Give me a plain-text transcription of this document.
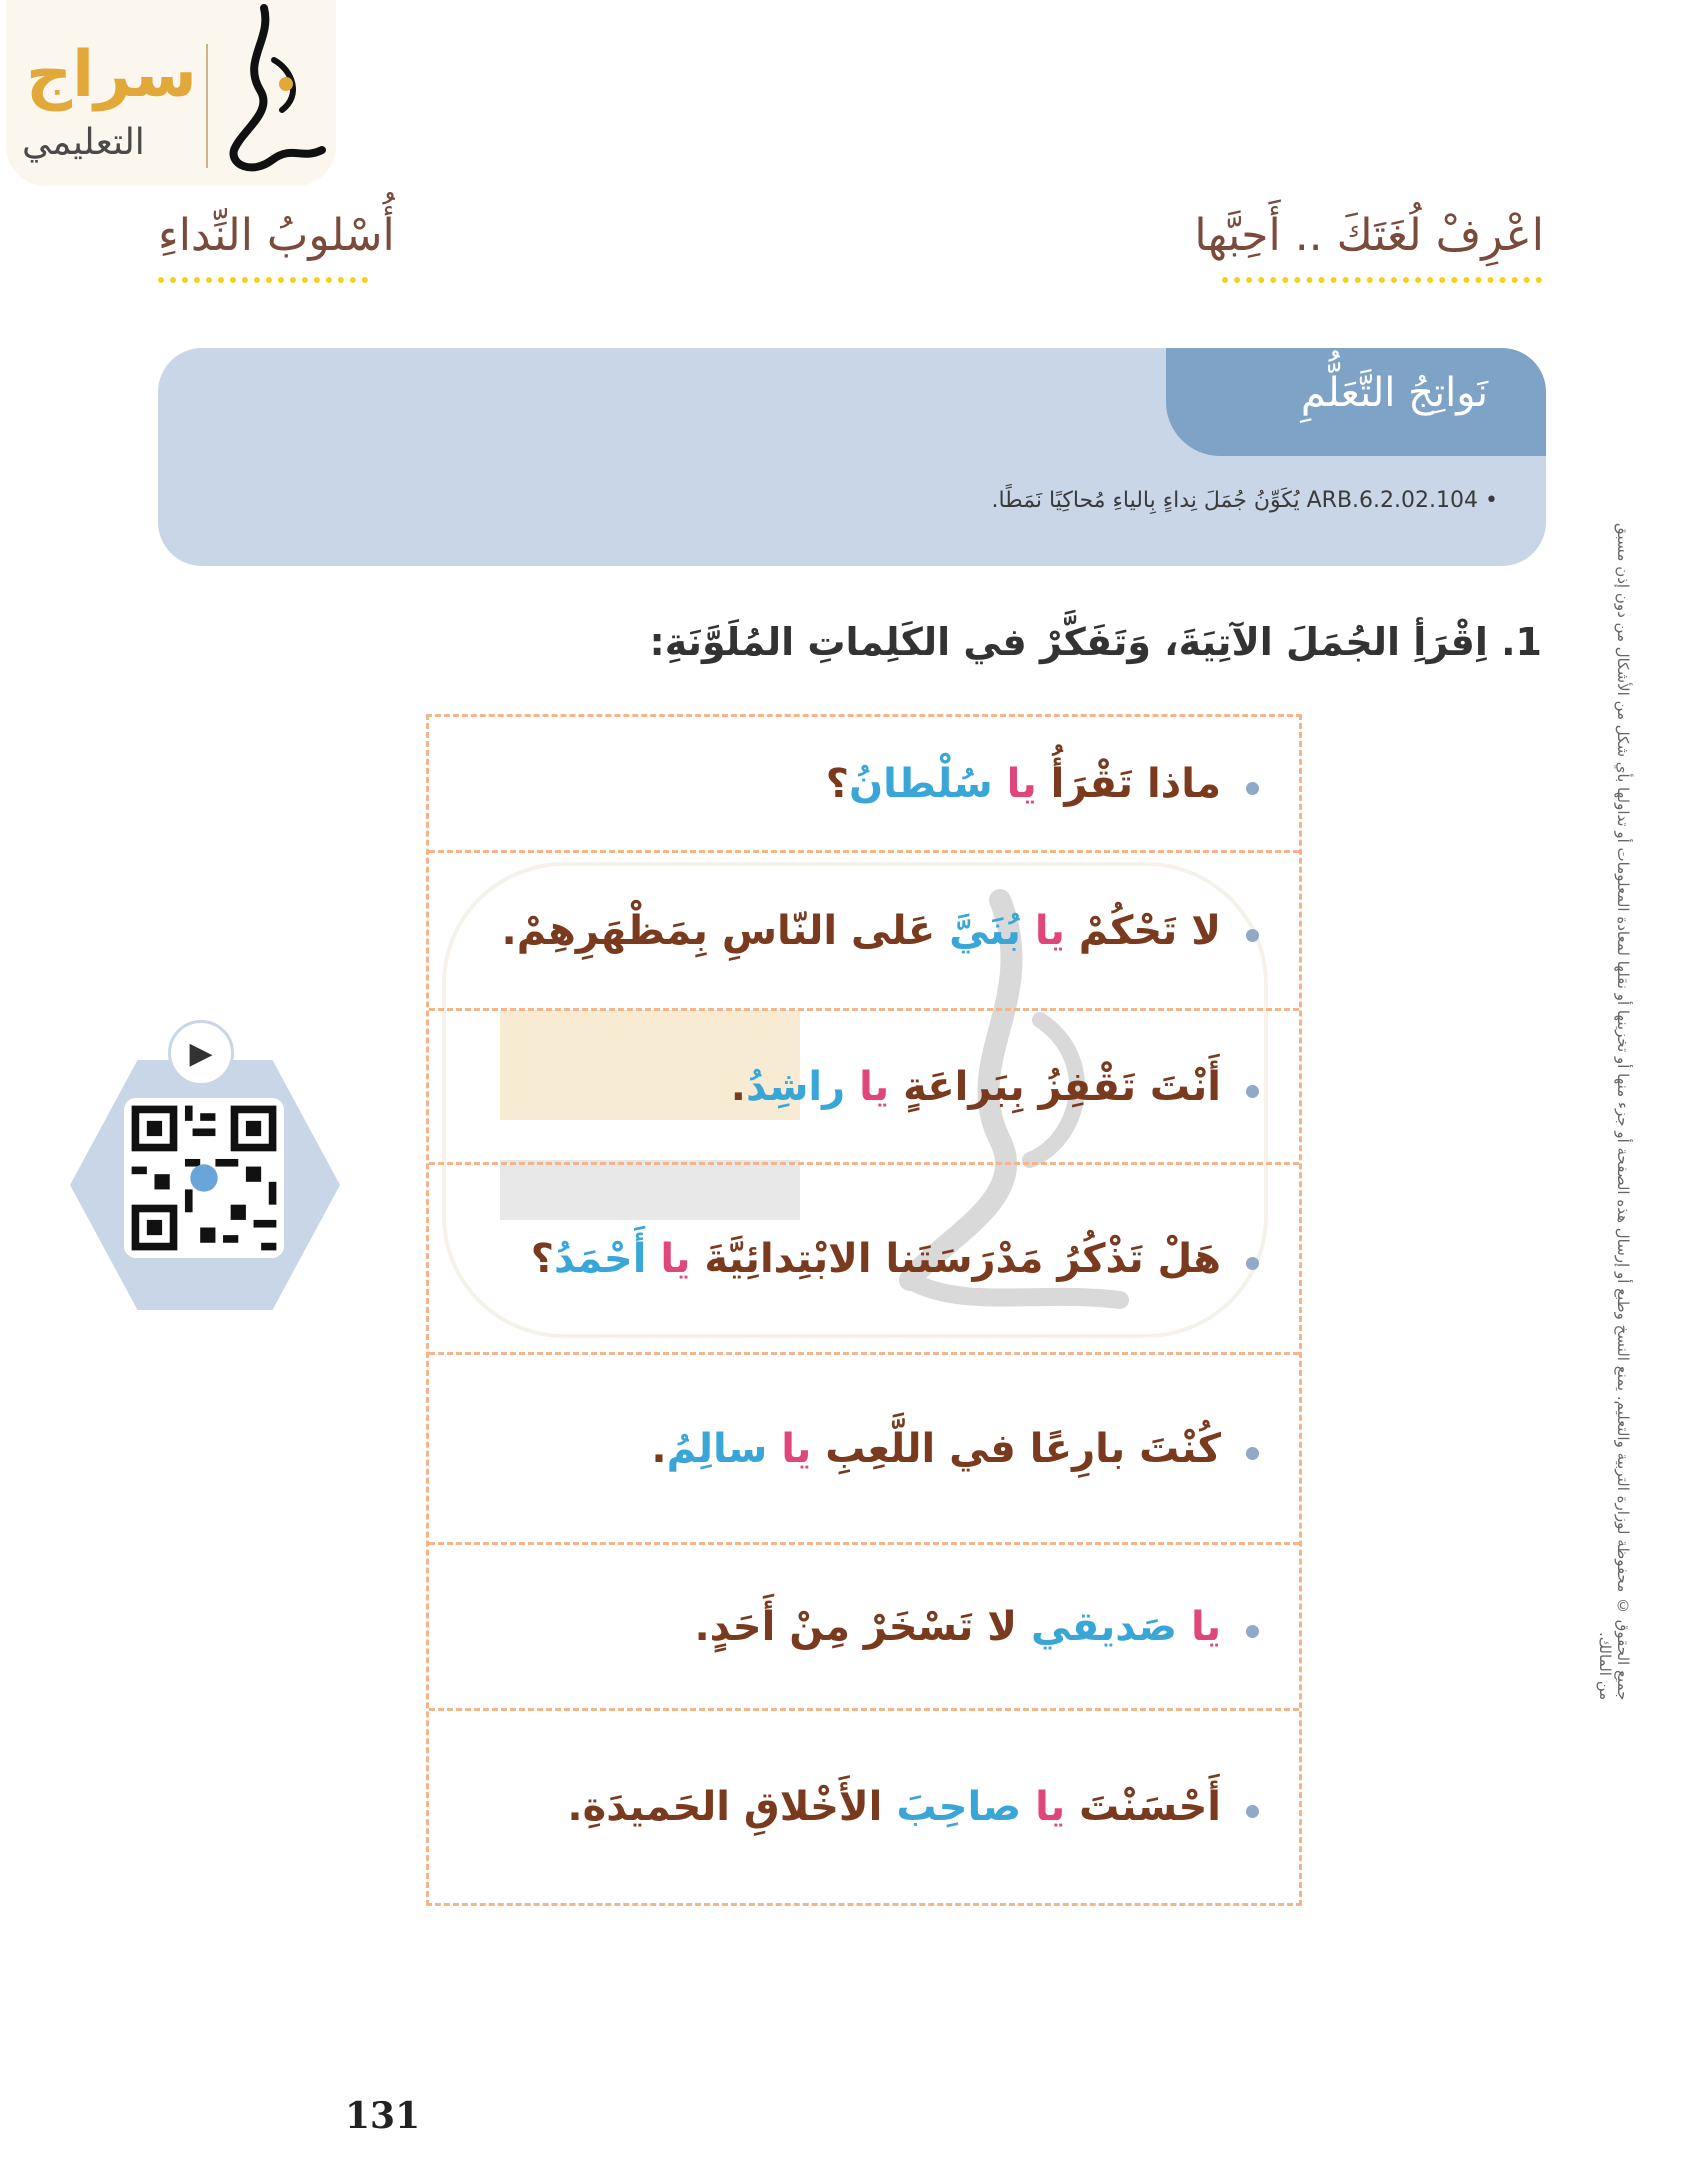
سراج
التعليمي
اعْرِفْ لُغَتَكَ .. أَحِبَّها
أُسْلوبُ النِّداءِ
نَواتِجُ التَّعَلُّمِ
• ARB.6.2.02.104 يُكَوِّنُ جُمَلَ نِداءٍ بِالياءِ مُحاكِيًا نَمَطًا.
1. اِقْرَأِ الجُمَلَ الآتِيَةَ، وَتَفَكَّرْ في الكَلِماتِ المُلَوَّنَةِ:
ماذا تَقْرَأُ يا سُلْطانُ؟
لا تَحْكُمْ يا بُنَيَّ عَلى النّاسِ بِمَظْهَرِهِمْ.
أَنْتَ تَقْفِزُ بِبَراعَةٍ يا راشِدُ.
هَلْ تَذْكُرُ مَدْرَسَتَنا الابْتِدائِيَّةَ يا أَحْمَدُ؟
كُنْتَ بارِعًا في اللَّعِبِ يا سالِمُ.
يا صَديقي لا تَسْخَرْ مِنْ أَحَدٍ.
أَحْسَنْتَ يا صاحِبَ الأَخْلاقِ الحَميدَةِ.
▶	جميع الحقوق © محفوظة لوزارة التربية والتعليم. يمنع النسخ وطبع أو إرسال هذه الصفحة أو جزء منها أو تخزينها أو نقلها لمعادة المعلومات أو تداولها بأي شكل من الأشكال من دون إذن مسبق من المالك.
131
